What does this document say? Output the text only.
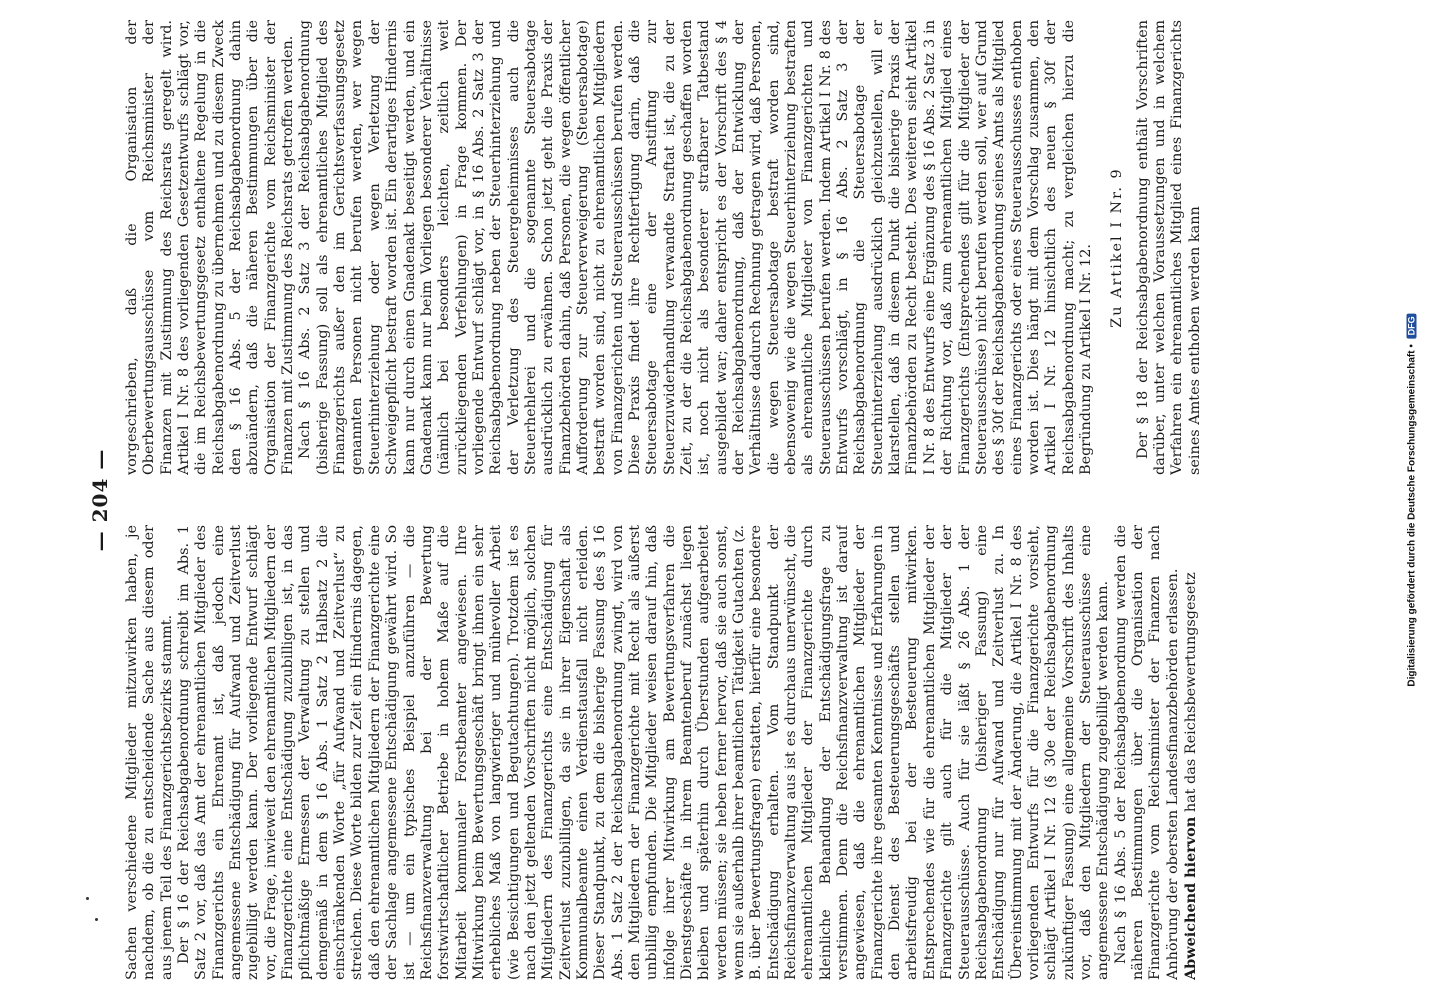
— 204 —

Sachen verschiedene Mitglieder mitzuwirken haben, je nachdem, ob die zu entscheidende Sache aus diesem oder aus jenem Teil des Finanzgerichtsbezirks stammt. Der § 16 der Reichsabgabenordnung schreibt im Abs. 1 Satz 2 vor, daß das Amt der ehrenamtlichen Mitglieder des Finanzgerichts ein Ehrenamt ist, daß jedoch eine angemessene Entschädigung für Aufwand und Zeitverlust zugebilligt werden kann. Der vorliegende Entwurf schlägt vor, die Frage, inwieweit den ehrenamtlichen Mitgliedern der Finanzgerichte eine Entschädigung zuzubilligen ist, in das pflichtmäßige Ermessen der Verwaltung zu stellen und demgemäß in dem § 16 Abs. 1 Satz 2 Halbsatz 2 die einschränkenden Worte „für Aufwand und Zeitverlust“ zu streichen. Diese Worte bilden zur Zeit ein Hindernis dagegen, daß den ehrenamtlichen Mitgliedern der Finanzgerichte eine der Sachlage angemessene Entschädigung gewährt wird. So ist — um ein typisches Beispiel anzuführen — die Reichsfinanzverwaltung bei der Bewertung forstwirtschaftlicher Betriebe in hohem Maße auf die Mitarbeit kommunaler Forstbeamter angewiesen. Ihre Mitwirkung beim Bewertungsgeschäft bringt ihnen ein sehr erhebliches Maß von langwieriger und mühevoller Arbeit (wie Besichtigungen und Begutachtungen). Trotzdem ist es nach den jetzt geltenden Vorschriften nicht möglich, solchen Mitgliedern des Finanzgerichts eine Entschädigung für Zeitverlust zuzubilligen, da sie in ihrer Eigenschaft als Kommunalbeamte einen Verdienstausfall nicht erleiden. Dieser Standpunkt, zu dem die bisherige Fassung des § 16 Abs. 1 Satz 2 der Reichsabgabenordnung zwingt, wird von den Mitgliedern der Finanzgerichte mit Recht als äußerst unbillig empfunden. Die Mitglieder weisen darauf hin, daß infolge ihrer Mitwirkung am Bewertungsverfahren die Dienstgeschäfte in ihrem Beamtenberuf zunächst liegen bleiben und späterhin durch Überstunden aufgearbeitet werden müssen; sie heben ferner hervor, daß sie auch sonst, wenn sie außerhalb ihrer beamtlichen Tätigkeit Gutachten (z. B. über Bewertungsfragen) erstatten, hierfür eine besondere Entschädigung erhalten. Vom Standpunkt der Reichsfinanzverwaltung aus ist es durchaus unerwünscht, die ehrenamtlichen Mitglieder der Finanzgerichte durch kleinliche Behandlung der Entschädigungsfrage zu verstimmen. Denn die Reichsfinanzverwaltung ist darauf angewiesen, daß die ehrenamtlichen Mitglieder der Finanzgerichte ihre gesamten Kenntnisse und Erfahrungen in den Dienst des Besteuerungsgeschäfts stellen und arbeitsfreudig bei der Besteuerung mitwirken. Entsprechendes wie für die ehrenamtlichen Mitglieder der Finanzgerichte gilt auch für die Mitglieder der Steuerausschüsse. Auch für sie läßt § 26 Abs. 1 der Reichsabgabenordnung (bisheriger Fassung) eine Entschädigung nur für Aufwand und Zeitverlust zu. In Übereinstimmung mit der Änderung, die Artikel I Nr. 8 des vorliegenden Entwurfs für die Finanzgerichte vorsieht, schlägt Artikel I Nr. 12 (§ 30e der Reichsabgabenordnung zukünftiger Fassung) eine allgemeine Vorschrift des Inhalts vor, daß den Mitgliedern der Steuerausschüsse eine angemessene Entschädigung zugebilligt werden kann. Nach § 16 Abs. 5 der Reichsabgabenordnung werden die näheren Bestimmungen über die Organisation der Finanzgerichte vom Reichsminister der Finanzen nach Anhörung der obersten Landesfinanzbehörden erlassen. Abweichend hiervon hat das Reichsbewertungsgesetz

vorgeschrieben, daß die Organisation der Oberbewertungsausschüsse vom Reichsminister der Finanzen mit Zustimmung des Reichsrats geregelt wird. Artikel I Nr. 8 des vorliegenden Gesetzentwurfs schlägt vor, die im Reichsbewertungsgesetz enthaltene Regelung in die Reichsabgabenordnung zu übernehmen und zu diesem Zweck den § 16 Abs. 5 der Reichsabgabenordnung dahin abzuändern, daß die näheren Bestimmungen über die Organisation der Finanzgerichte vom Reichsminister der Finanzen mit Zustimmung des Reichsrats getroffen werden. Nach § 16 Abs. 2 Satz 3 der Reichsabgabenordnung (bisherige Fassung) soll als ehrenamtliches Mitglied des Finanzgerichts außer den im Gerichtsverfassungsgesetz genannten Personen nicht berufen werden, wer wegen Steuerhinterziehung oder wegen Verletzung der Schweigepflicht bestraft worden ist. Ein derartiges Hindernis kann nur durch einen Gnadenakt beseitigt werden, und ein Gnadenakt kann nur beim Vorliegen besonderer Verhältnisse (nämlich bei besonders leichten, zeitlich weit zurückliegenden Verfehlungen) in Frage kommen. Der vorliegende Entwurf schlägt vor, in § 16 Abs. 2 Satz 3 der Reichsabgabenordnung neben der Steuerhinterziehung und der Verletzung des Steuergeheimnisses auch die Steuerhehlerei und die sogenannte Steuersabotage ausdrücklich zu erwähnen. Schon jetzt geht die Praxis der Finanzbehörden dahin, daß Personen, die wegen öffentlicher Aufforderung zur Steuerverweigerung (Steuersabotage) bestraft worden sind, nicht zu ehrenamtlichen Mitgliedern von Finanzgerichten und Steuerausschüssen berufen werden. Diese Praxis findet ihre Rechtfertigung darin, daß die Steuersabotage eine der Anstiftung zur Steuerzuwiderhandlung verwandte Straftat ist, die zu der Zeit, zu der die Reichsabgabenordnung geschaffen worden ist, noch nicht als besonderer strafbarer Tatbestand ausgebildet war; daher entspricht es der Vorschrift des § 4 der Reichsabgabenordnung, daß der Entwicklung der Verhältnisse dadurch Rechnung getragen wird, daß Personen, die wegen Steuersabotage bestraft worden sind, ebensowenig wie die wegen Steuerhinterziehung bestraften als ehrenamtliche Mitglieder von Finanzgerichten und Steuerausschüssen berufen werden. Indem Artikel I Nr. 8 des Entwurfs vorschlägt, in § 16 Abs. 2 Satz 3 der Reichsabgabenordnung die Steuersabotage der Steuerhinterziehung ausdrücklich gleichzustellen, will er klarstellen, daß in diesem Punkt die bisherige Praxis der Finanzbehörden zu Recht besteht. Des weiteren sieht Artikel I Nr. 8 des Entwurfs eine Ergänzung des § 16 Abs. 2 Satz 3 in der Richtung vor, daß zum ehrenamtlichen Mitglied eines Finanzgerichts (Entsprechendes gilt für die Mitglieder der Steuerausschüsse) nicht berufen werden soll, wer auf Grund des § 30f der Reichsabgabenordnung seines Amts als Mitglied eines Finanzgerichts oder eines Steuerausschusses enthoben worden ist. Dies hängt mit dem Vorschlag zusammen, den Artikel I Nr. 12 hinsichtlich des neuen § 30f der Reichsabgabenordnung macht; zu vergleichen hierzu die Begründung zu Artikel I Nr. 12. Zu Artikel I Nr. 9 Der § 18 der Reichsabgabenordnung enthält Vorschriften darüber, unter welchen Voraussetzungen und in welchem Verfahren ein ehrenamtliches Mitglied eines Finanzgerichts seines Amtes enthoben werden kann

Digitalisierung gefördert durch die Deutsche Forschungsgemeinschaft • DFG
